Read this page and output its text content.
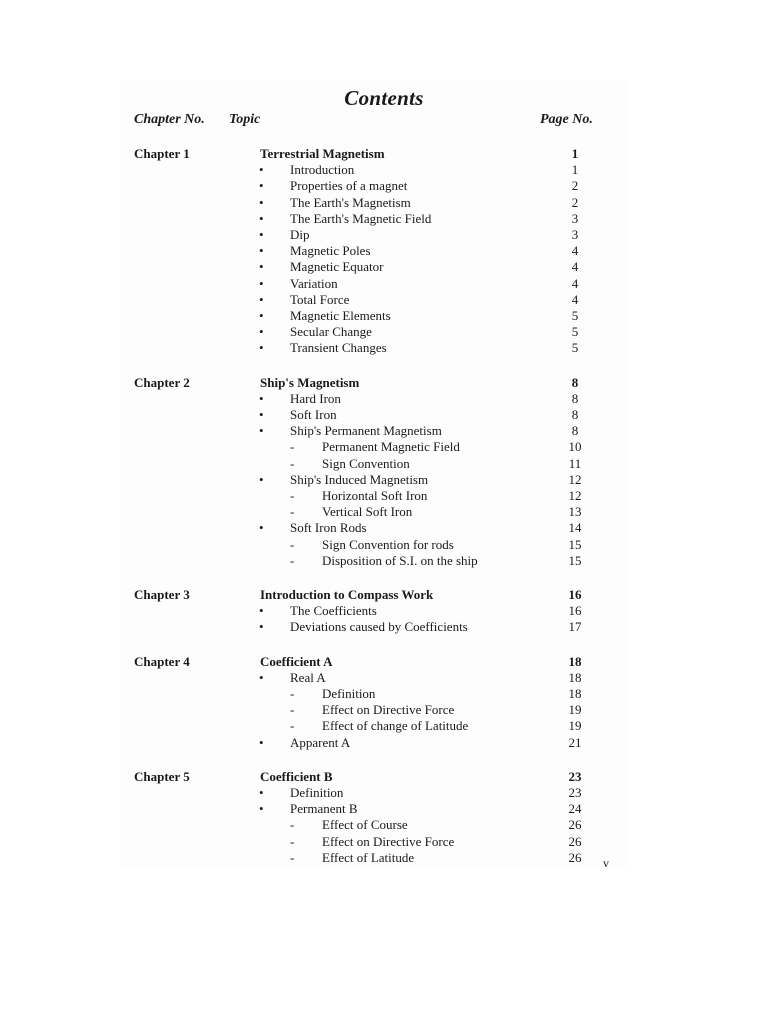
Contents
Chapter No. Topic	Page No.
Chapter 1	Terrestrial Magnetism	1
•	Introduction	1
•	Properties of a magnet	2
•	The Earth's Magnetism	2
•	The Earth's Magnetic Field	3
•	Dip	3
•	Magnetic Poles	4
•	Magnetic Equator	4
•	Variation	4
•	Total Force	4
•	Magnetic Elements	5
•	Secular Change	5
•	Transient Changes	5
Chapter 2	Ship's Magnetism	8
•	Hard Iron	8
•	Soft Iron	8
•	Ship's Permanent Magnetism	8
-	Permanent Magnetic Field	10
-	Sign Convention	11
•	Ship's Induced Magnetism	12
-	Horizontal Soft Iron	12
-	Vertical Soft Iron	13
•	Soft Iron Rods	14
-	Sign Convention for rods	15
-	Disposition of S.I. on the ship	15
Chapter 3	Introduction to Compass Work	16
•	The Coefficients	16
•	Deviations caused by Coefficients	17
Chapter 4	Coefficient A	18
•	Real A	18
-	Definition	18
-	Effect on Directive Force	19
-	Effect of change of Latitude	19
•	Apparent A	21
Chapter 5	Coefficient B	23
•	Definition	23
•	Permanent B	24
-	Effect of Course	26
-	Effect on Directive Force	26
-	Effect of Latitude	26	v
